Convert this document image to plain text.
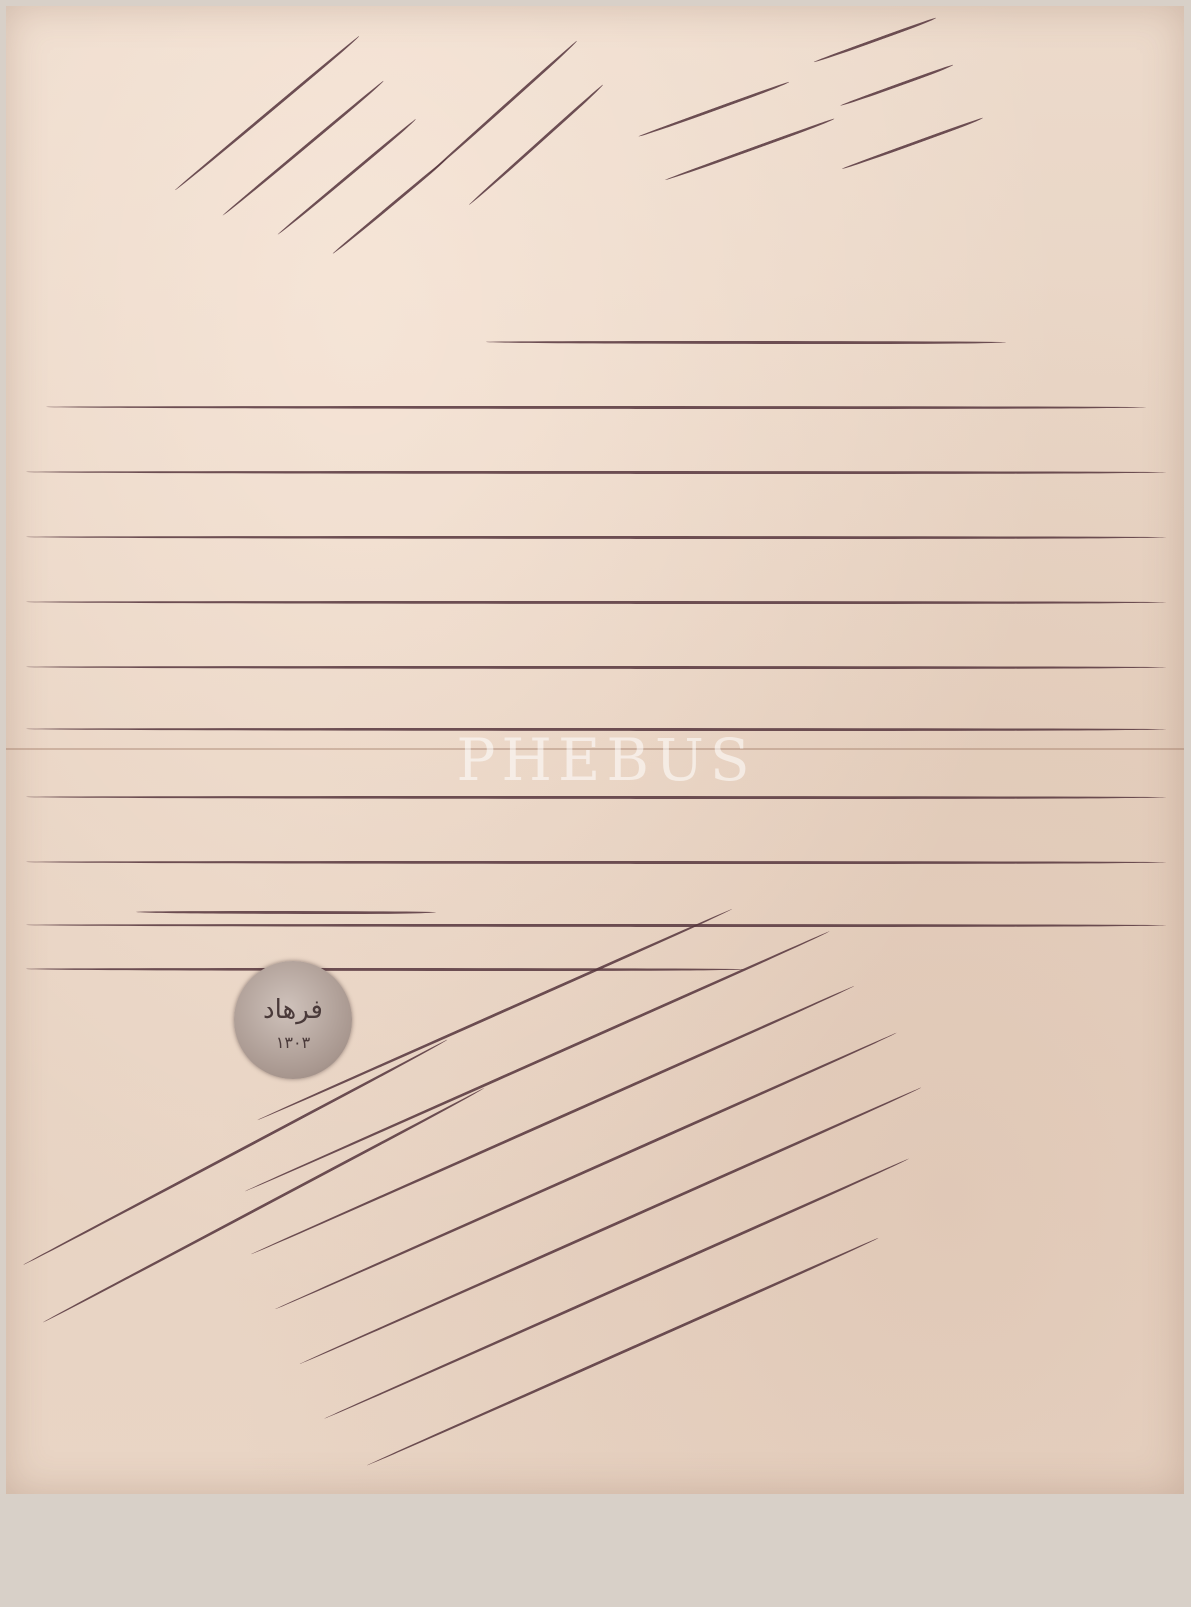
فرهاد
١٣٠٣
PHEBUS
